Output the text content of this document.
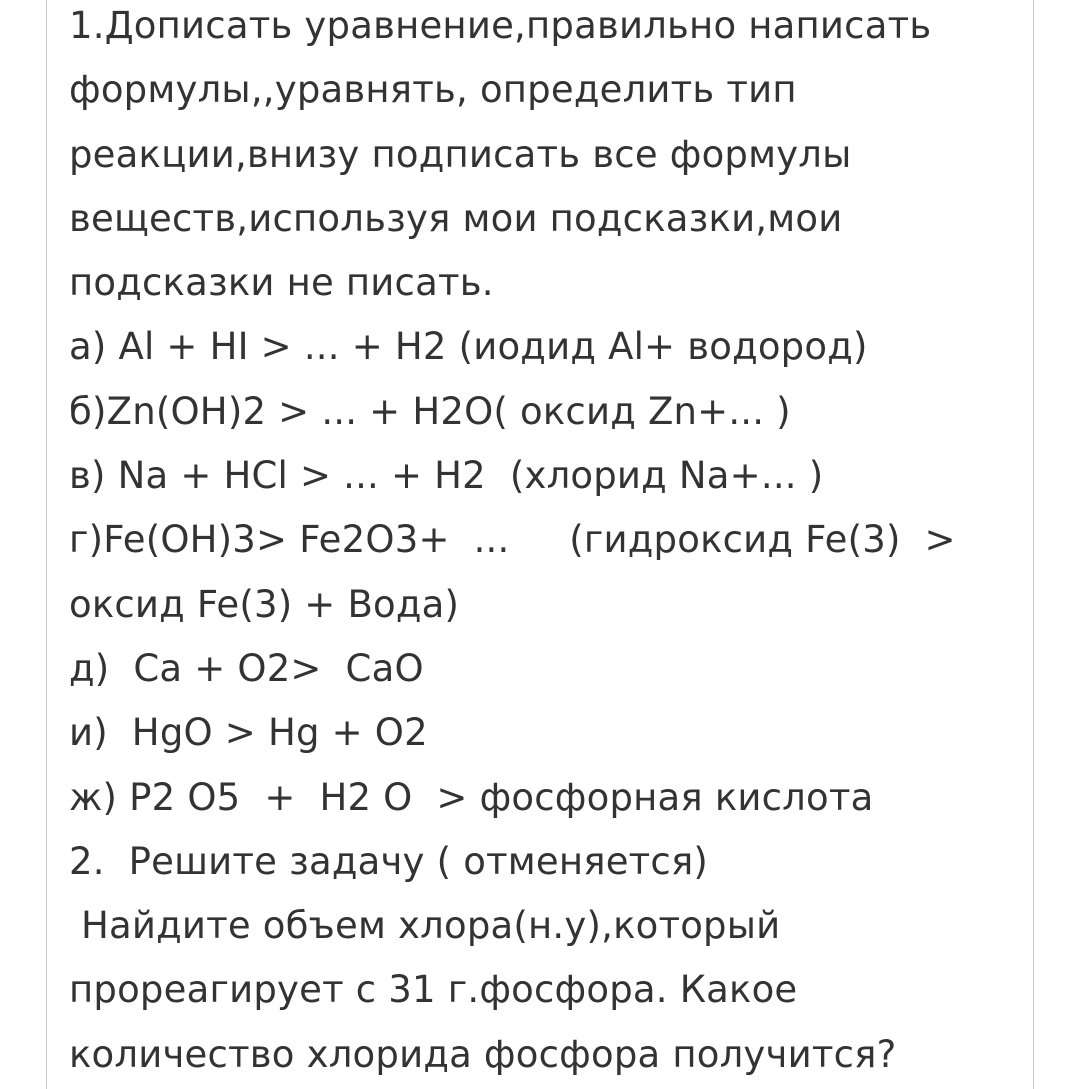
1.Дописать уравнение,правильно написать
формулы,,уравнять, определить тип
реакции,внизу подписать все формулы
веществ,используя мои подсказки,мои
подсказки не писать.
а) Al + HI > ... + H2 (иодид Al+ водород)
б)Zn(OH)2 > ... + H2O( оксид Zn+... )
в) Na + HCl > ... + H2  (хлорид Na+... )
г)Fe(OH)3> Fe2O3+  ...     (гидроксид Fe(3)  >
оксид Fe(3) + Вода)
д)  Ca + O2>  CaO
и)  HgO > Hg + O2
ж) P2 O5  +  H2 O  > фосфорная кислота
2.  Решите задачу ( отменяется)
Найдите объем хлора(н.у),который
прореагирует с 31 г.фосфора. Какое
количество хлорида фосфора получится?
